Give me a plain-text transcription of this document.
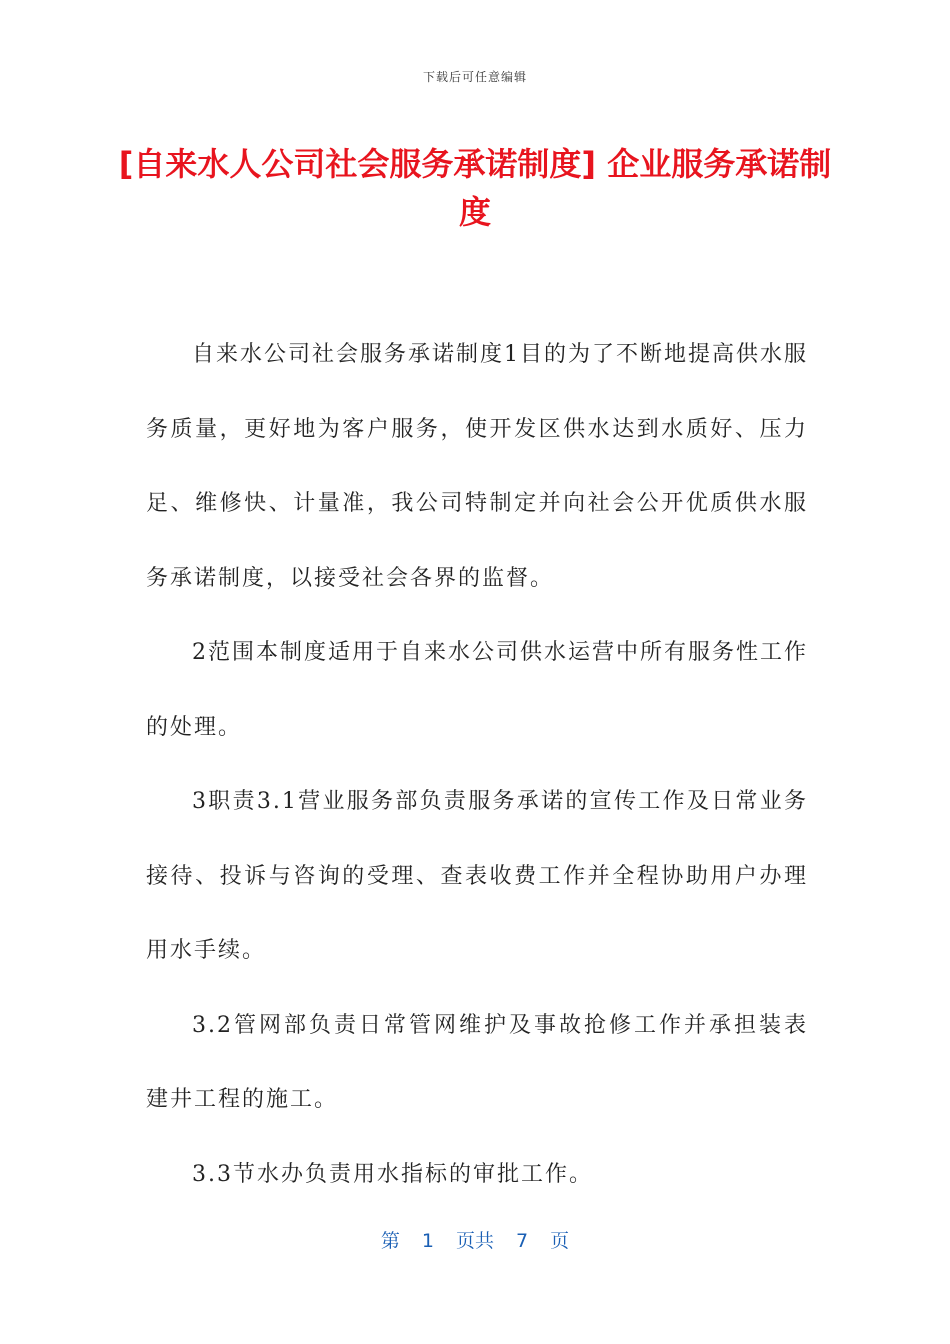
下载后可任意编辑
[自来水人公司社会服务承诺制度] 企业服务承诺制度

自来水公司社会服务承诺制度1目的为了不断地提高供水服务质量，更好地为客户服务，使开发区供水达到水质好、压力足、维修快、计量准，我公司特制定并向社会公开优质供水服务承诺制度，以接受社会各界的监督。

2范围本制度适用于自来水公司供水运营中所有服务性工作的处理。

3职责3.1营业服务部负责服务承诺的宣传工作及日常业务接待、投诉与咨询的受理、查表收费工作并全程协助用户办理用水手续。

3.2管网部负责日常管网维护及事故抢修工作并承担装表建井工程的施工。

3.3节水办负责用水指标的审批工作。

第 1 页共 7 页
